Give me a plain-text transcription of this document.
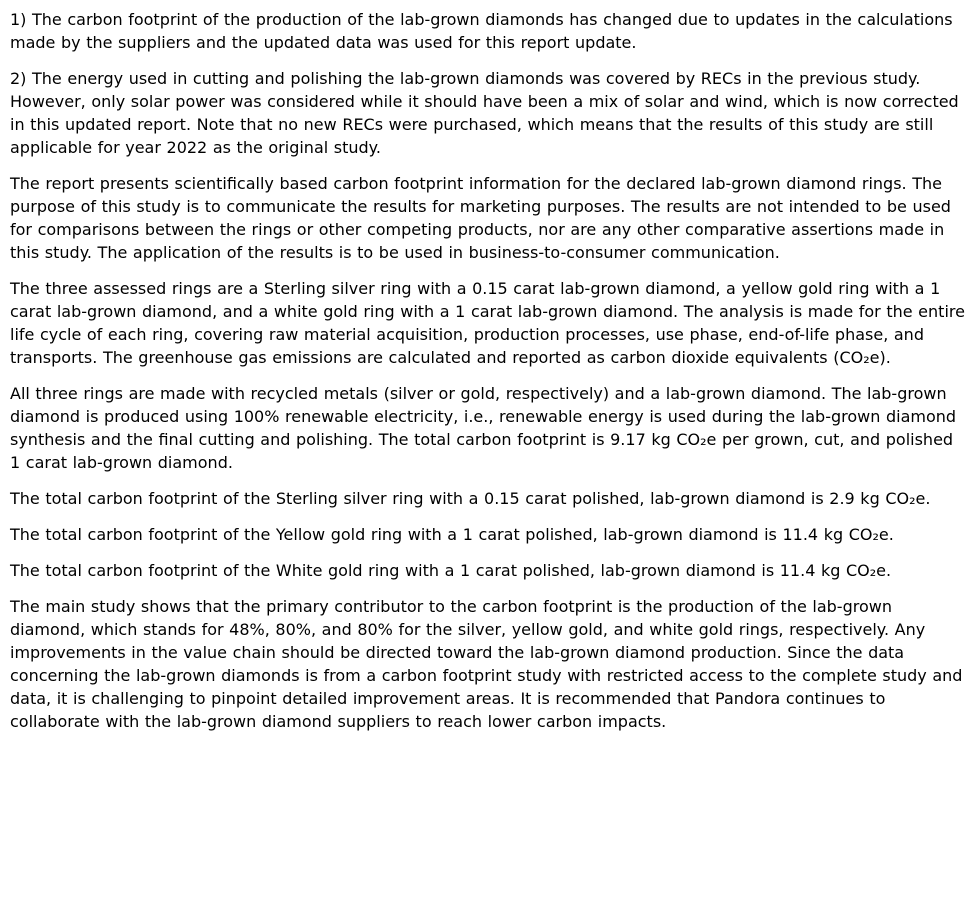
1) The carbon footprint of the production of the lab-grown diamonds has changed due to updates in the calculations made by the suppliers and the updated data was used for this report update.

2) The energy used in cutting and polishing the lab-grown diamonds was covered by RECs in the previous study. However, only solar power was considered while it should have been a mix of solar and wind, which is now corrected in this updated report. Note that no new RECs were purchased, which means that the results of this study are still applicable for year 2022 as the original study.

The report presents scientifically based carbon footprint information for the declared lab-grown diamond rings. The purpose of this study is to communicate the results for marketing purposes. The results are not intended to be used for comparisons between the rings or other competing products, nor are any other comparative assertions made in this study. The application of the results is to be used in business-to-consumer communication.

The three assessed rings are a Sterling silver ring with a 0.15 carat lab-grown diamond, a yellow gold ring with a 1 carat lab-grown diamond, and a white gold ring with a 1 carat lab-grown diamond. The analysis is made for the entire life cycle of each ring, covering raw material acquisition, production processes, use phase, end-of-life phase, and transports. The greenhouse gas emissions are calculated and reported as carbon dioxide equivalents (CO₂e).

All three rings are made with recycled metals (silver or gold, respectively) and a lab-grown diamond. The lab-grown diamond is produced using 100% renewable electricity, i.e., renewable energy is used during the lab-grown diamond synthesis and the final cutting and polishing. The total carbon footprint is 9.17 kg CO₂e per grown, cut, and polished 1 carat lab-grown diamond.

The total carbon footprint of the Sterling silver ring with a 0.15 carat polished, lab-grown diamond is 2.9 kg CO₂e.

The total carbon footprint of the Yellow gold ring with a 1 carat polished, lab-grown diamond is 11.4 kg CO₂e.

The total carbon footprint of the White gold ring with a 1 carat polished, lab-grown diamond is 11.4 kg CO₂e.

The main study shows that the primary contributor to the carbon footprint is the production of the lab-grown diamond, which stands for 48%, 80%, and 80% for the silver, yellow gold, and white gold rings, respectively. Any improvements in the value chain should be directed toward the lab-grown diamond production. Since the data concerning the lab-grown diamonds is from a carbon footprint study with restricted access to the complete study and data, it is challenging to pinpoint detailed improvement areas. It is recommended that Pandora continues to collaborate with the lab-grown diamond suppliers to reach lower carbon impacts.
